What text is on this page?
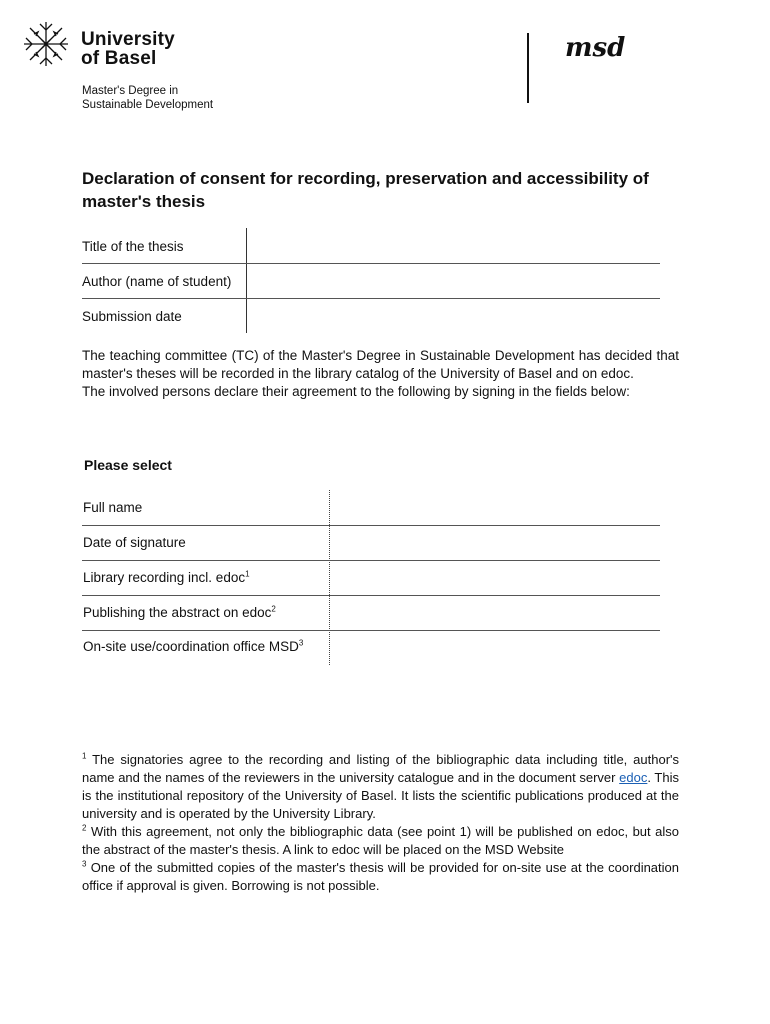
University
of Basel
Master's Degree in
Sustainable Development
msd
Declaration of consent for recording, preservation and accessibility of master's thesis
Title of the thesis
Author (name of student)
Submission date

The teaching committee (TC) of the Master's Degree in Sustainable Development has decided that master's theses will be recorded in the library catalog of the University of Basel and on edoc.

The involved persons declare their agreement to the following by signing in the fields below:

Please select
Full name
Date of signature
Library recording incl. edoc$^1$
Publishing the abstract on edoc$^2$
On-site use/coordination office MSD$^3$

$^1$ The signatories agree to the recording and listing of the bibliographic data including title, author's name and the names of the reviewers in the university catalogue and in the document server edoc. This is the institutional repository of the University of Basel. It lists the scientific publications produced at the university and is operated by the University Library.

$^2$ With this agreement, not only the bibliographic data (see point 1) will be published on edoc, but also the abstract of the master's thesis. A link to edoc will be placed on the MSD Website

$^3$ One of the submitted copies of the master's thesis will be provided for on-site use at the coordination office if approval is given. Borrowing is not possible.
